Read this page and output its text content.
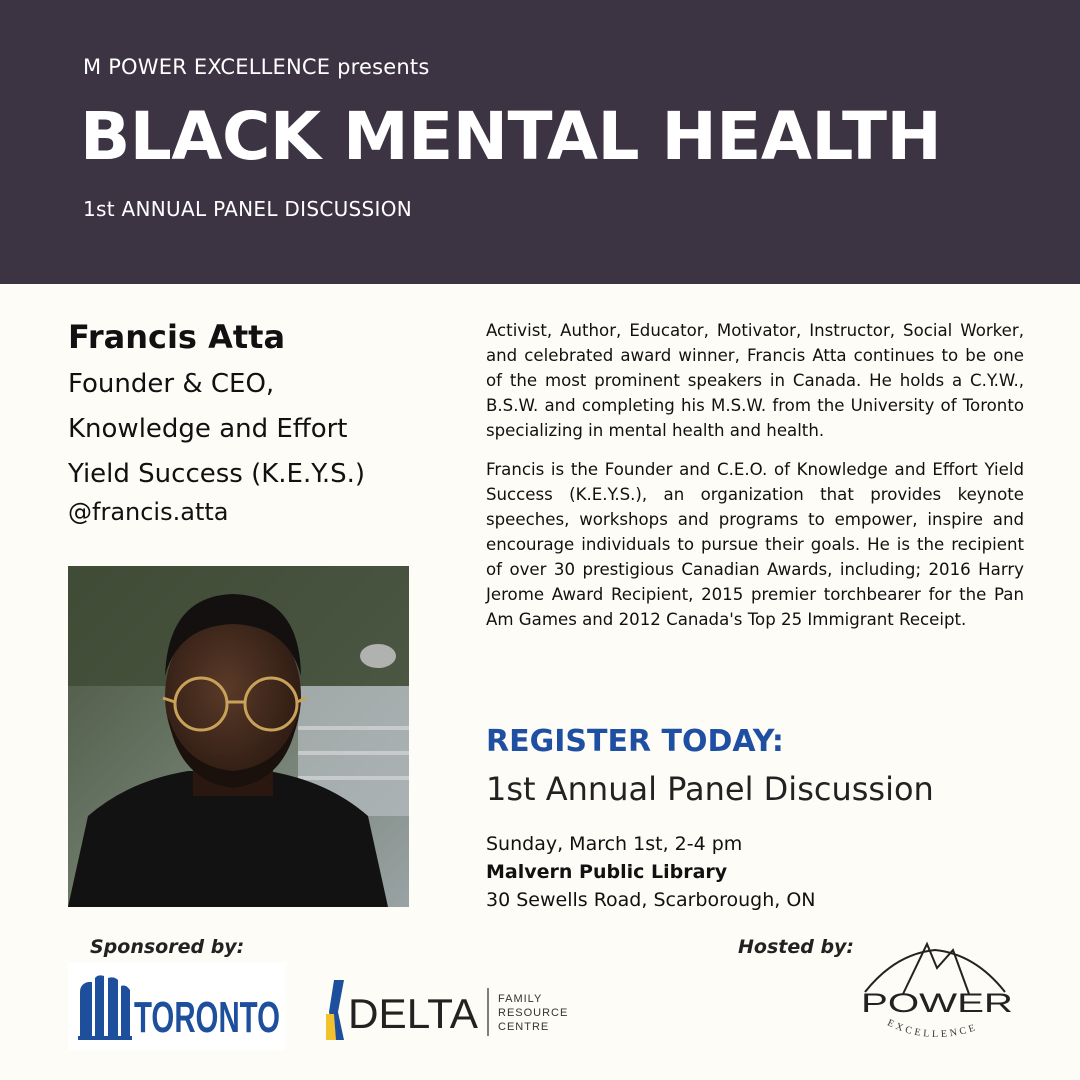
M POWER EXCELLENCE presents
BLACK MENTAL HEALTH
1st ANNUAL PANEL DISCUSSION
Francis Atta
Founder & CEO,
Knowledge and Effort
Yield Success (K.E.Y.S.)
@francis.atta

Activist, Author, Educator, Motivator, Instructor, Social Worker, and celebrated award winner, Francis Atta continues to be one of the most prominent speakers in Canada. He holds a C.Y.W., B.S.W. and completing his M.S.W. from the University of Toronto specializing in mental health and health.

Francis is the Founder and C.E.O. of Knowledge and Effort Yield Success (K.E.Y.S.), an organization that provides keynote speeches, workshops and programs to empower, inspire and encourage individuals to pursue their goals. He is the recipient of over 30 prestigious Canadian Awards, including; 2016 Harry Jerome Award Recipient, 2015 premier torchbearer for the Pan Am Games and 2012 Canada's Top 25 Immigrant Receipt.

REGISTER TODAY:
1st Annual Panel Discussion
Sunday, March 1st, 2-4 pm
Malvern Public Library
30 Sewells Road, Scarborough, ON
Sponsored by:	Hosted by:
TORONTO DELTA FAMILY
RESOURCE
CENTRE
POWER
EXCELLENCE
